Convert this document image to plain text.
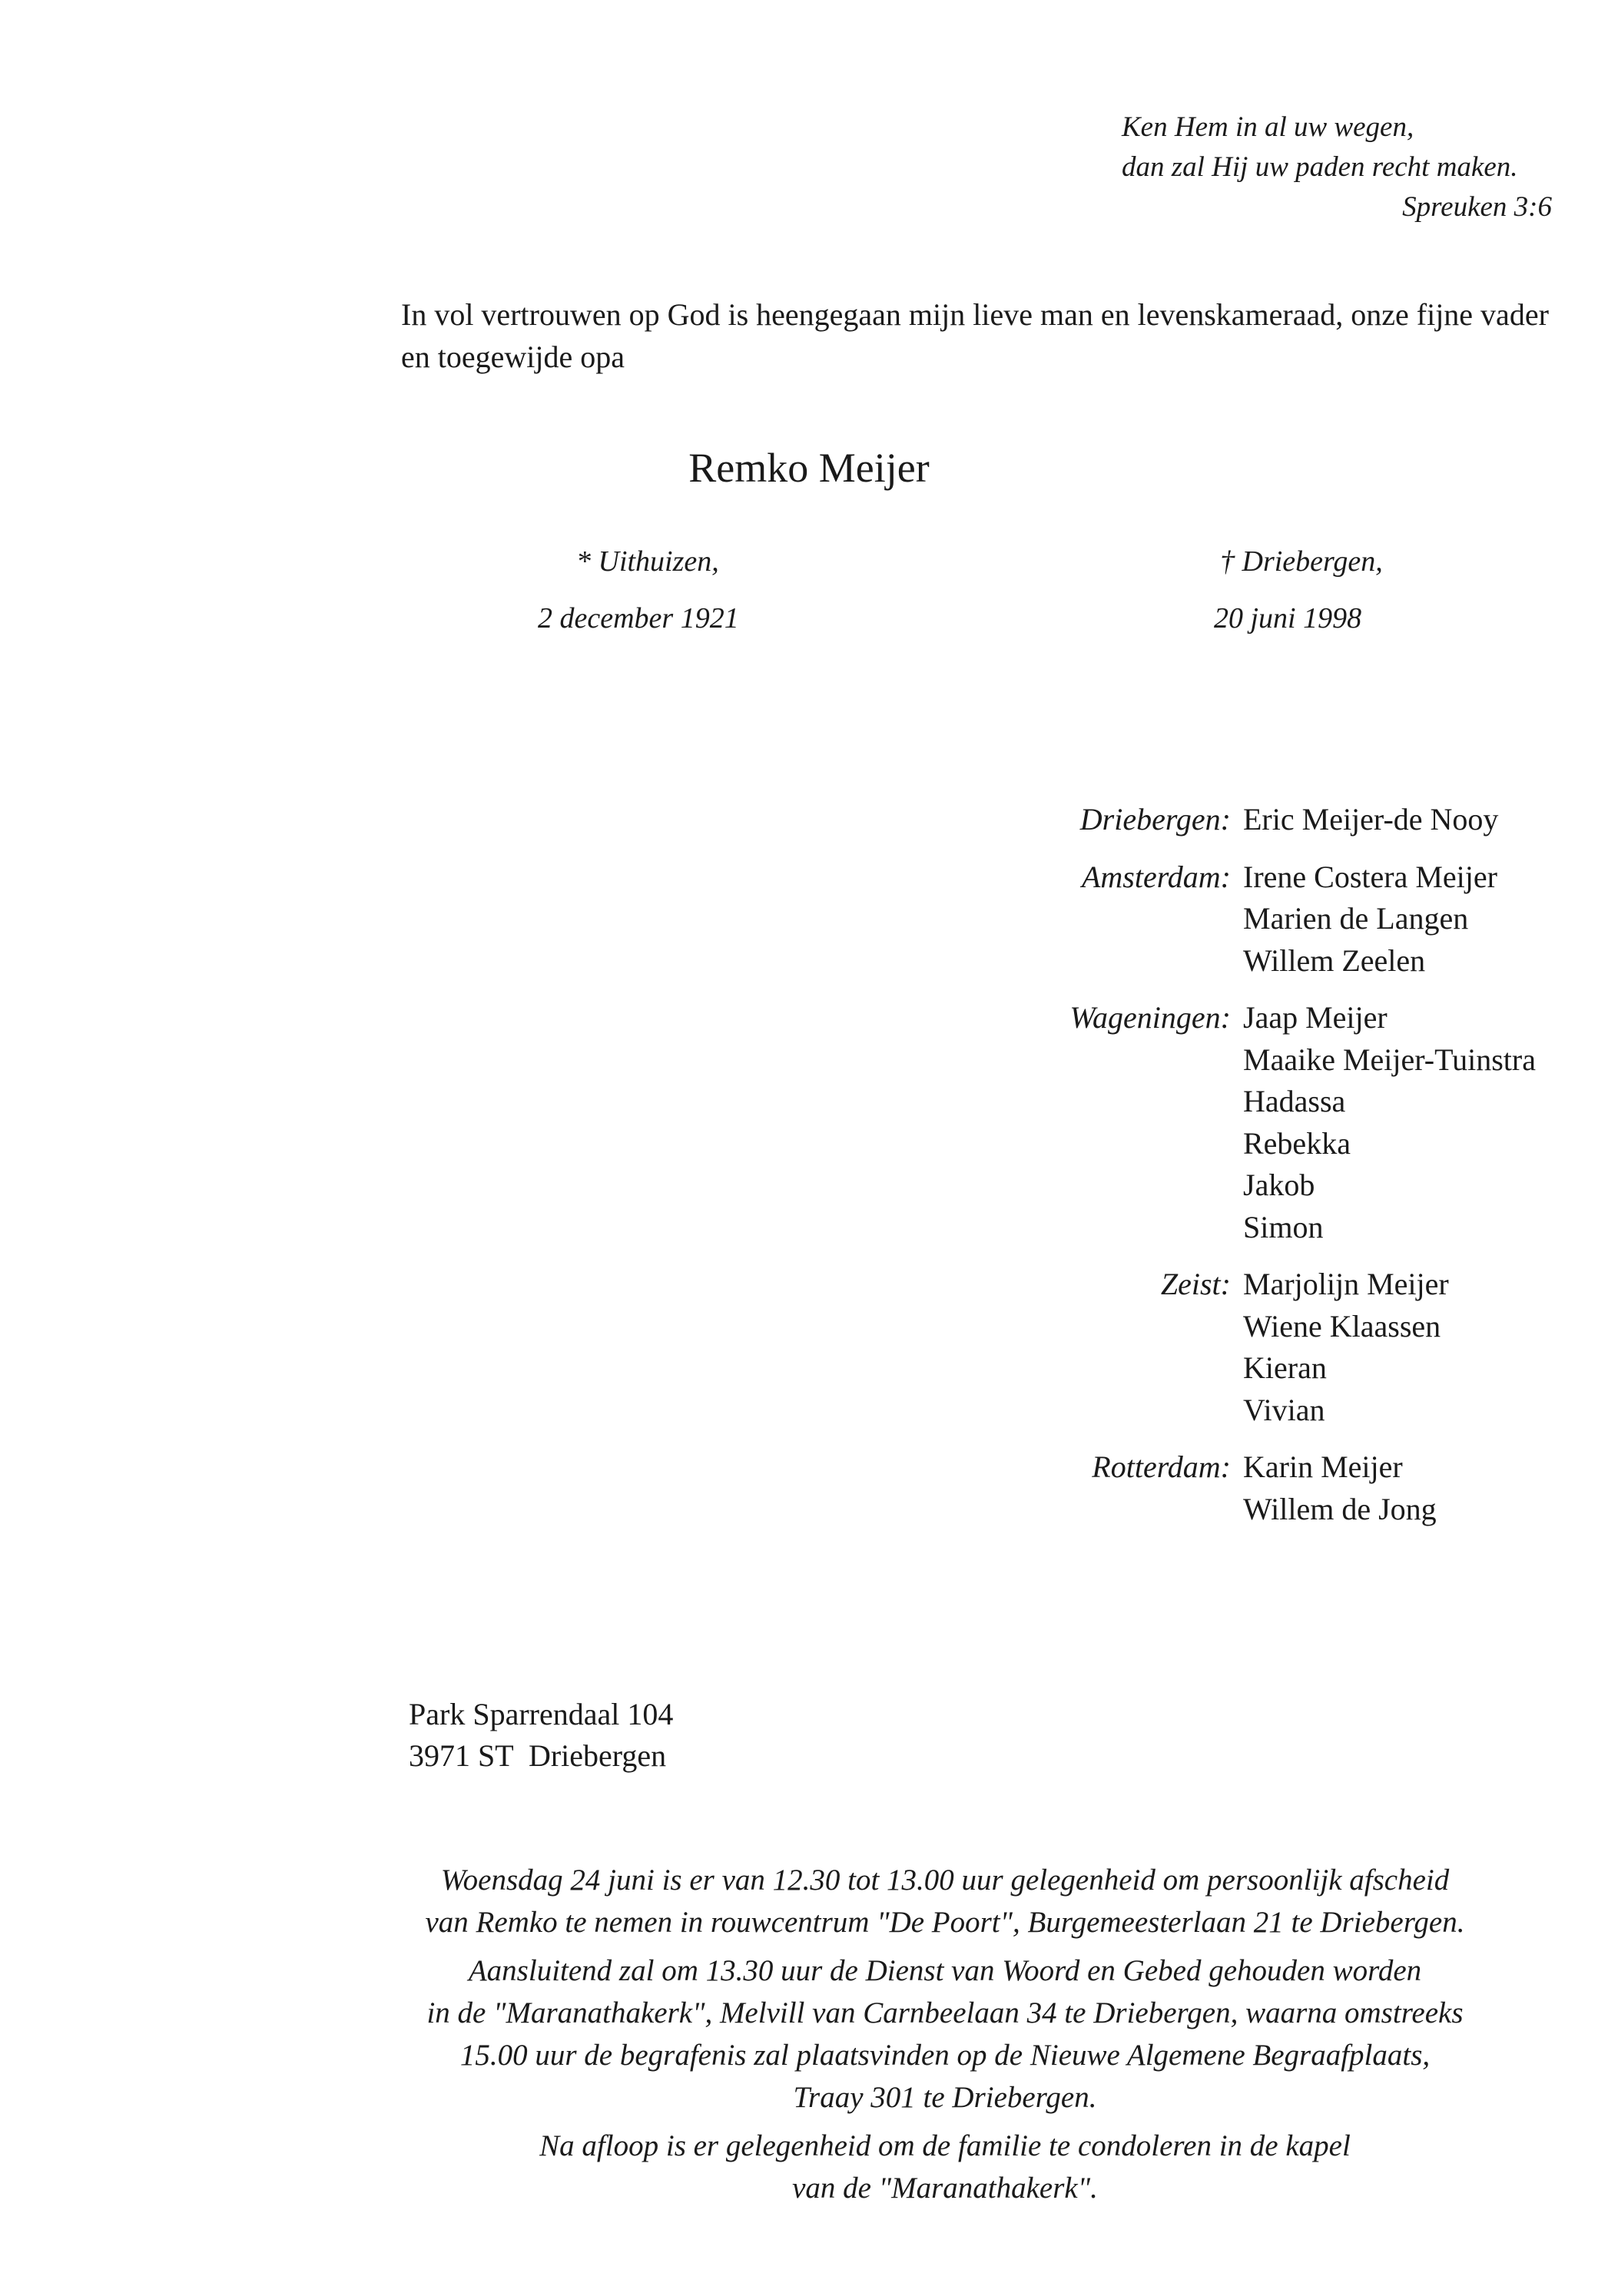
Ken Hem in al uw wegen,
dan zal Hij uw paden recht maken.
Spreuken 3:6
In vol vertrouwen op God is heengegaan mijn lieve man en levenskameraad, onze fijne vader en toegewijde opa
Remko Meijer
* Uithuizen,
2 december 1921
† Driebergen,
20 juni 1998
Driebergen: Eric Meijer-de Nooy
Amsterdam: Irene Costera Meijer
Marien de Langen
Willem Zeelen
Wageningen: Jaap Meijer
Maaike Meijer-Tuinstra
Hadassa
Rebekka
Jakob
Simon
Zeist: Marjolijn Meijer
Wiene Klaassen
Kieran
Vivian
Rotterdam: Karin Meijer
Willem de Jong
Park Sparrendaal 104
3971 ST  Driebergen
Woensdag 24 juni is er van 12.30 tot 13.00 uur gelegenheid om persoonlijk afscheid
van Remko te nemen in rouwcentrum "De Poort", Burgemeesterlaan 21 te Driebergen.
Aansluitend zal om 13.30 uur de Dienst van Woord en Gebed gehouden worden
in de "Maranathakerk", Melvill van Carnbeelaan 34 te Driebergen, waarna omstreeks
15.00 uur de begrafenis zal plaatsvinden op de Nieuwe Algemene Begraafplaats,
Traay 301 te Driebergen.
Na afloop is er gelegenheid om de familie te condoleren in de kapel
van de "Maranathakerk".
